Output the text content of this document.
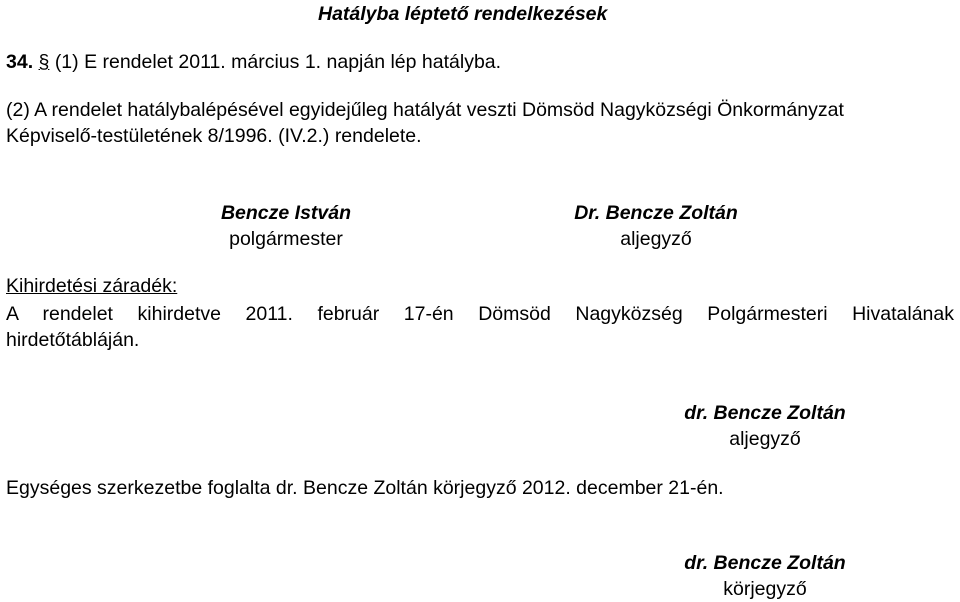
Hatályba léptető rendelkezések
34. § (1) E rendelet 2011. március 1. napján lép hatályba.
(2) A rendelet hatálybalépésével egyidejűleg hatályát veszti Dömsöd Nagyközségi Önkormányzat
Képviselő-testületének 8/1996. (IV.2.) rendelete.
Bencze István
polgármester
Dr. Bencze Zoltán
aljegyző
Kihirdetési záradék:
A rendelet kihirdetve 2011. február 17-én Dömsöd Nagyközség Polgármesteri Hivatalának
hirdetőtábláján.
dr. Bencze Zoltán
aljegyző
Egységes szerkezetbe foglalta dr. Bencze Zoltán körjegyző 2012. december 21-én.
dr. Bencze Zoltán
körjegyző
